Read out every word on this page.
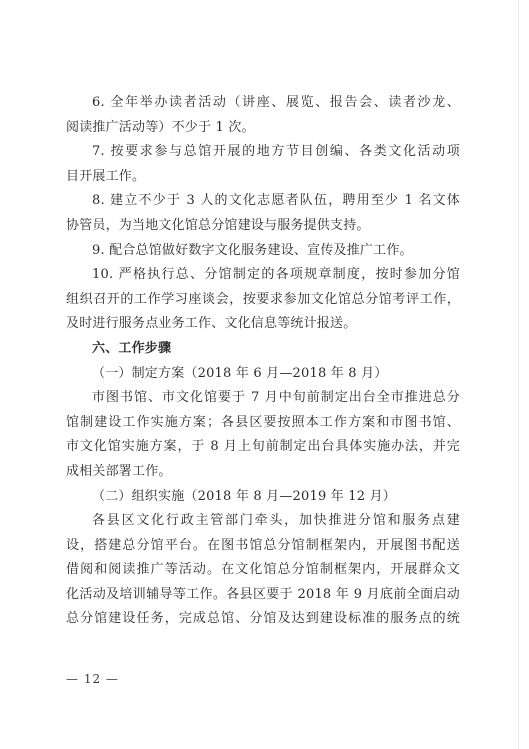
6. 全年举办读者活动（讲座、展览、报告会、读者沙龙、
阅读推广活动等）不少于 1 次。
7. 按要求参与总馆开展的地方节目创编、各类文化活动项
目开展工作。
8. 建立不少于 3 人的文化志愿者队伍，聘用至少 1 名文体
协管员，为当地文化馆总分馆建设与服务提供支持。
9. 配合总馆做好数字文化服务建设、宣传及推广工作。
10. 严格执行总、分馆制定的各项规章制度，按时参加分馆
组织召开的工作学习座谈会，按要求参加文化馆总分馆考评工作，
及时进行服务点业务工作、文化信息等统计报送。
六、工作步骤
（一）制定方案（2018 年 6 月—2018 年 8 月）
市图书馆、市文化馆要于 7 月中旬前制定出台全市推进总分
馆制建设工作实施方案；各县区要按照本工作方案和市图书馆、
市文化馆实施方案，于 8 月上旬前制定出台具体实施办法，并完
成相关部署工作。
（二）组织实施（2018 年 8 月—2019 年 12 月）
各县区文化行政主管部门牵头，加快推进分馆和服务点建
设，搭建总分馆平台。在图书馆总分馆制框架内，开展图书配送
借阅和阅读推广等活动。在文化馆总分馆制框架内，开展群众文
化活动及培训辅导等工作。各县区要于 2018 年 9 月底前全面启动
总分馆建设任务，完成总馆、分馆及达到建设标准的服务点的统
— 12 —
